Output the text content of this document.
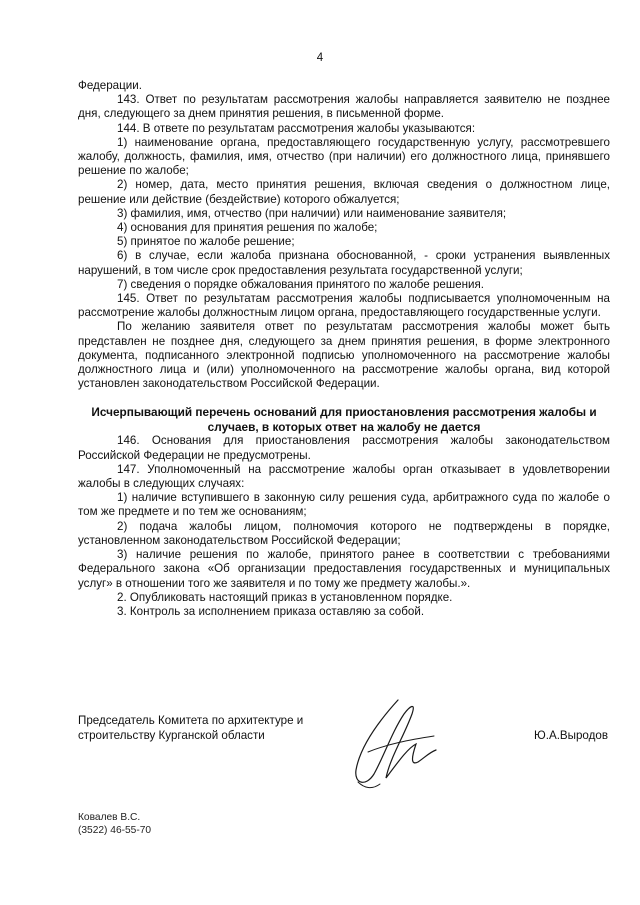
4

Федерации.

143. Ответ по результатам рассмотрения жалобы направляется заявителю не позднее дня, следующего за днем принятия решения, в письменной форме.

144. В ответе по результатам рассмотрения жалобы указываются:

1) наименование органа, предоставляющего государственную услугу, рассмотревшего жалобу, должность, фамилия, имя, отчество (при наличии) его должностного лица, принявшего решение по жалобе;

2) номер, дата, место принятия решения, включая сведения о должностном лице, решение или действие (бездействие) которого обжалуется;

3) фамилия, имя, отчество (при наличии) или наименование заявителя;

4) основания для принятия решения по жалобе;

5) принятое по жалобе решение;

6) в случае, если жалоба признана обоснованной, - сроки устранения выявленных нарушений, в том числе срок предоставления результата государственной услуги;

7) сведения о порядке обжалования принятого по жалобе решения.

145. Ответ по результатам рассмотрения жалобы подписывается уполномоченным на рассмотрение жалобы должностным лицом органа, предоставляющего государственные услуги.

По желанию заявителя ответ по результатам рассмотрения жалобы может быть представлен не позднее дня, следующего за днем принятия решения, в форме электронного документа, подписанного электронной подписью уполномоченного на рассмотрение жалобы должностного лица и (или) уполномоченного на рассмотрение жалобы органа, вид которой установлен законодательством Российской Федерации.

Исчерпывающий перечень оснований для приостановления рассмотрения жалобы и случаев, в которых ответ на жалобу не дается

146. Основания для приостановления рассмотрения жалобы законодательством Российской Федерации не предусмотрены.

147. Уполномоченный на рассмотрение жалобы орган отказывает в удовлетворении жалобы в следующих случаях:

1) наличие вступившего в законную силу решения суда, арбитражного суда по жалобе о том же предмете и по тем же основаниям;

2) подача жалобы лицом, полномочия которого не подтверждены в порядке, установленном законодательством Российской Федерации;

3) наличие решения по жалобе, принятого ранее в соответствии с требованиями Федерального закона «Об организации предоставления государственных и муниципальных услуг» в отношении того же заявителя и по тому же предмету жалобы.».

2. Опубликовать настоящий приказ в установленном порядке.

3. Контроль за исполнением приказа оставляю за собой.

Председатель Комитета по архитектуре и
строительству Курганской области	Ю.А.Выродов
Ковалев В.С.
(3522) 46-55-70
